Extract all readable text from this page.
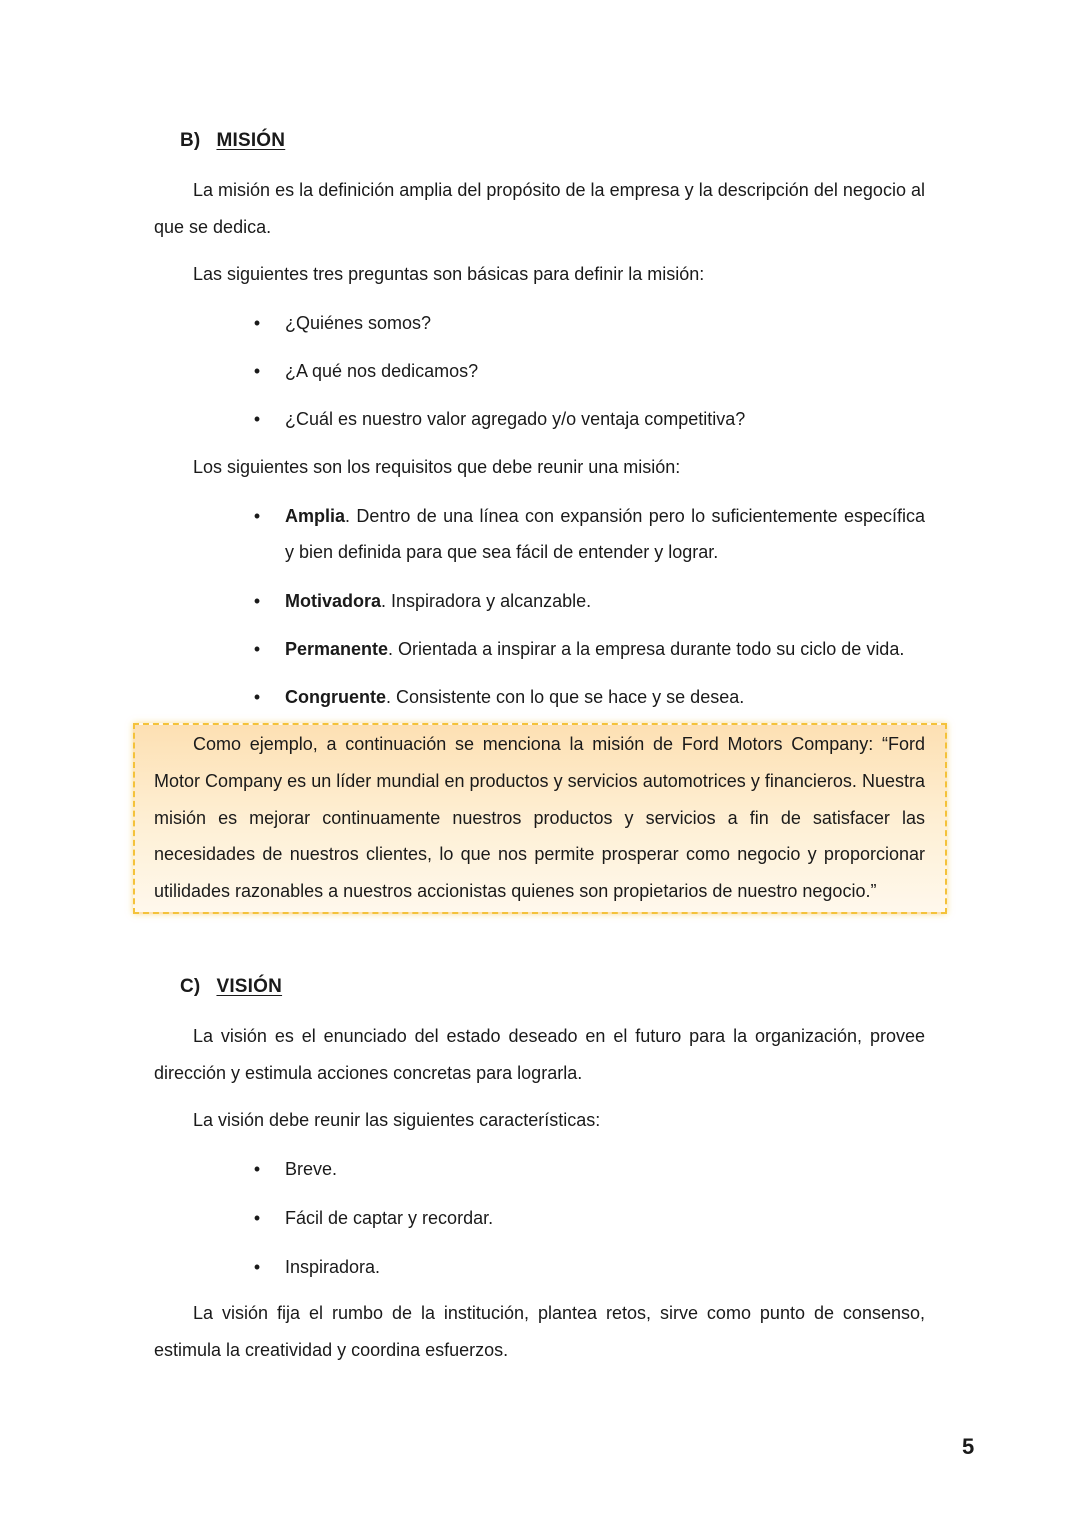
B) MISIÓN
La misión es la definición amplia del propósito de la empresa y la descripción del negocio al que se dedica.
Las siguientes tres preguntas son básicas para definir la misión:
• ¿Quiénes somos?
• ¿A qué nos dedicamos?
• ¿Cuál es nuestro valor agregado y/o ventaja competitiva?
Los siguientes son los requisitos que debe reunir una misión:
• Amplia. Dentro de una línea con expansión pero lo suficientemente específica y bien definida para que sea fácil de entender y lograr.
• Motivadora. Inspiradora y alcanzable.
• Permanente. Orientada a inspirar a la empresa durante todo su ciclo de vida.
• Congruente. Consistente con lo que se hace y se desea.
Como ejemplo, a continuación se menciona la misión de Ford Motors Company: “Ford Motor Company es un líder mundial en productos y servicios automotrices y financieros. Nuestra misión es mejorar continuamente nuestros productos y servicios a fin de satisfacer las necesidades de nuestros clientes, lo que nos permite prosperar como negocio y proporcionar utilidades razonables a nuestros accionistas quienes son propietarios de nuestro negocio.”
C) VISIÓN
La visión es el enunciado del estado deseado en el futuro para la organización, provee dirección y estimula acciones concretas para lograrla.
La visión debe reunir las siguientes características:
• Breve.
• Fácil de captar y recordar.
• Inspiradora.
La visión fija el rumbo de la institución, plantea retos, sirve como punto de consenso, estimula la creatividad y coordina esfuerzos.
5
